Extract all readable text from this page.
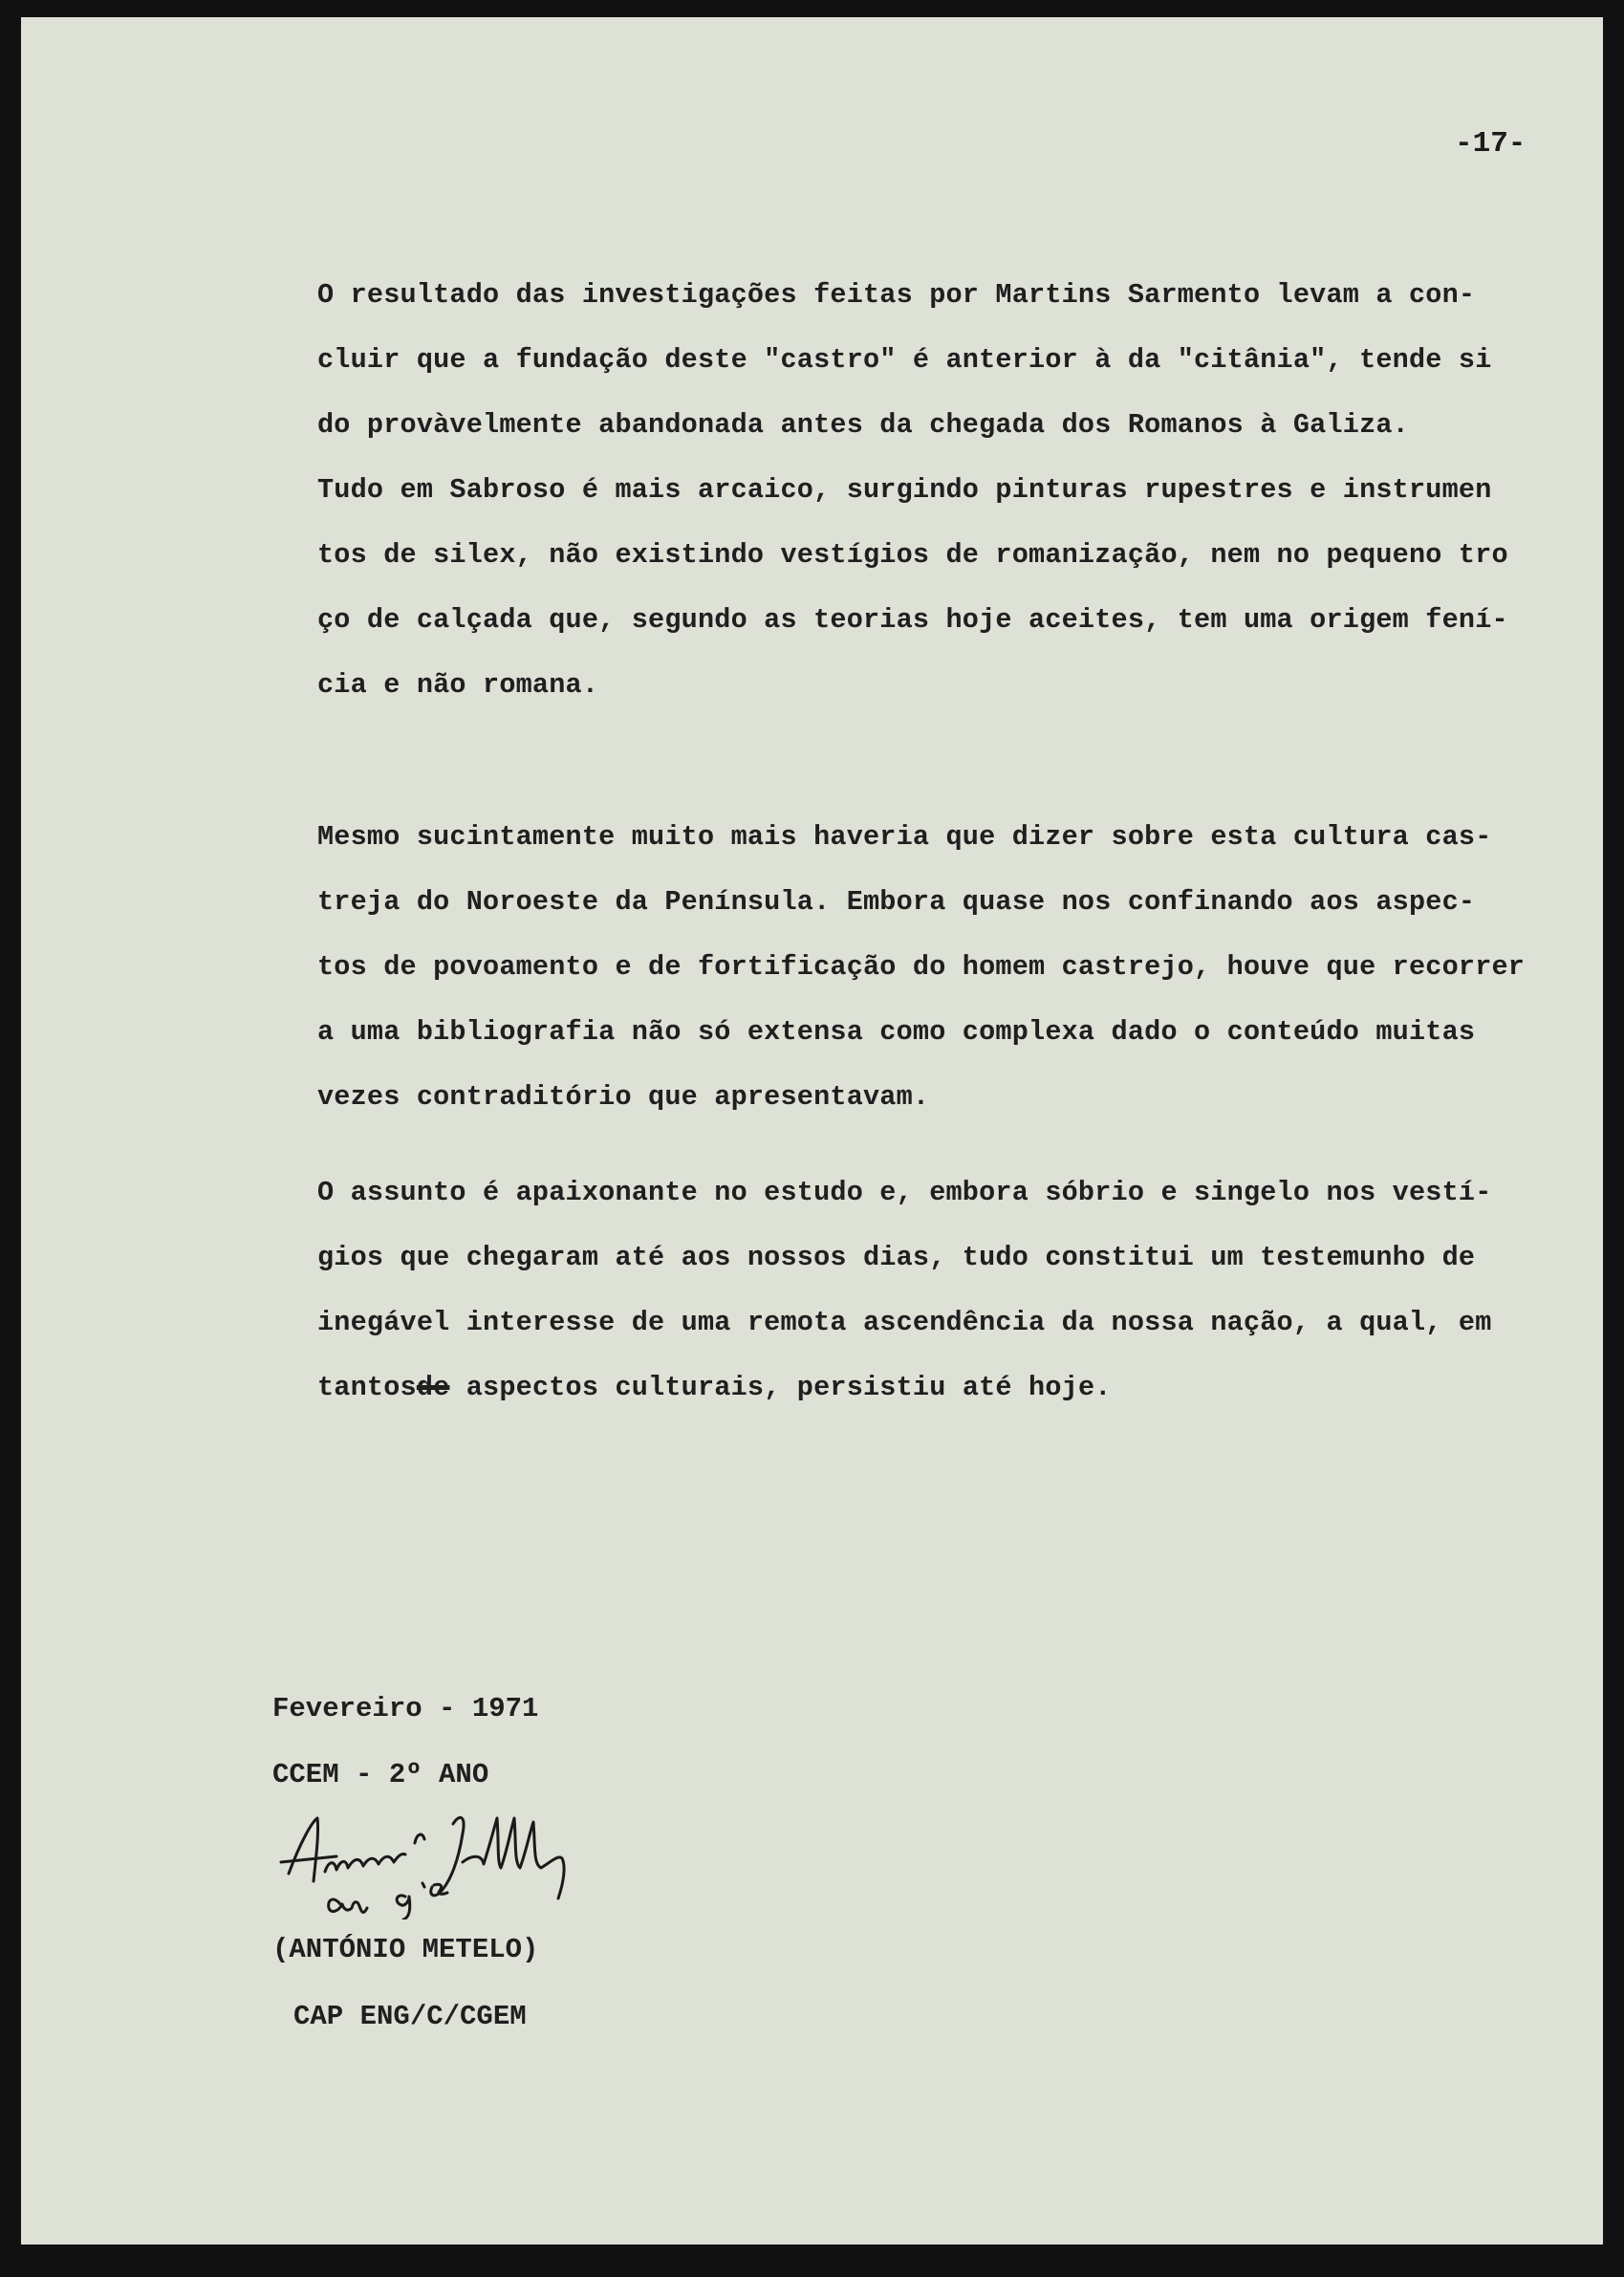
-17-

O resultado das investigações feitas por Martins Sarmento levam a con-
cluir que a fundação deste "castro" é anterior à da "citânia", tende si
do provàvelmente abandonada antes da chegada dos Romanos à Galiza.
Tudo em Sabroso é mais arcaico, surgindo pinturas rupestres e instrumen
tos de silex, não existindo vestígios de romanização, nem no pequeno tro
ço de calçada que, segundo as teorias hoje aceites, tem uma origem fení-
cia e não romana.

Mesmo sucintamente muito mais haveria que dizer sobre esta cultura cas-
treja do Noroeste da Península. Embora quase nos confinando aos aspec-
tos de povoamento e de fortificação do homem castrejo, houve que recorrer
a uma bibliografia não só extensa como complexa dado o conteúdo muitas
vezes contraditório que apresentavam.

O assunto é apaixonante no estudo e, embora sóbrio e singelo nos vestí-
gios que chegaram até aos nossos dias, tudo constitui um testemunho de
inegável interesse de uma remota ascendência da nossa nação, a qual, em
tantosde aspectos culturais, persistiu até hoje.

Fevereiro - 1971
CCEM - 2º ANO
(ANTÓNIO METELO)
CAP ENG/C/CGEM
